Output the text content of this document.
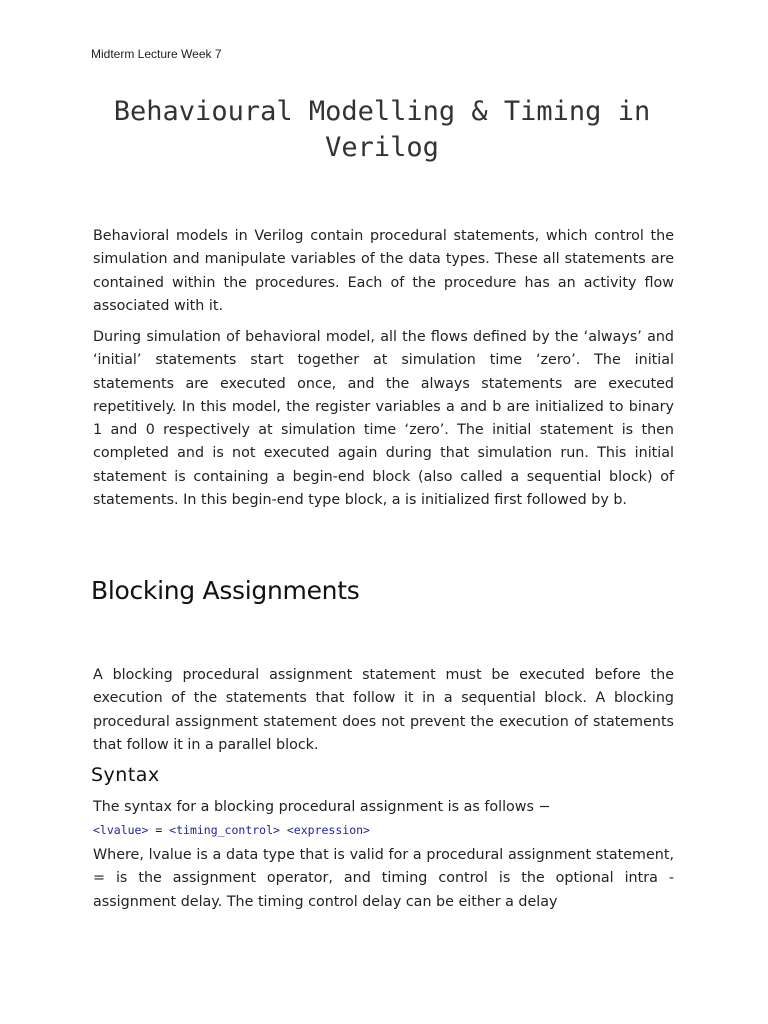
Midterm Lecture Week 7
Behavioural Modelling & Timing in Verilog

Behavioral models in Verilog contain procedural statements, which control the simulation and manipulate variables of the data types. These all statements are contained within the procedures. Each of the procedure has an activity flow associated with it.

During simulation of behavioral model, all the flows defined by the ‘always’ and ‘initial’ statements start together at simulation time ‘zero’. The initial statements are executed once, and the always statements are executed repetitively. In this model, the register variables a and b are initialized to binary 1 and 0 respectively at simulation time ‘zero’. The initial statement is then completed and is not executed again during that simulation run. This initial statement is containing a begin-end block (also called a sequential block) of statements. In this begin-end type block, a is initialized first followed by b.

Blocking Assignments

A blocking procedural assignment statement must be executed before the execution of the statements that follow it in a sequential block. A blocking procedural assignment statement does not prevent the execution of statements that follow it in a parallel block.

Syntax

The syntax for a blocking procedural assignment is as follows −

<lvalue> = <timing_control> <expression>

Where, lvalue is a data type that is valid for a procedural assignment statement, = is the assignment operator, and timing control is the optional intra - assignment delay. The timing control delay can be either a delay
